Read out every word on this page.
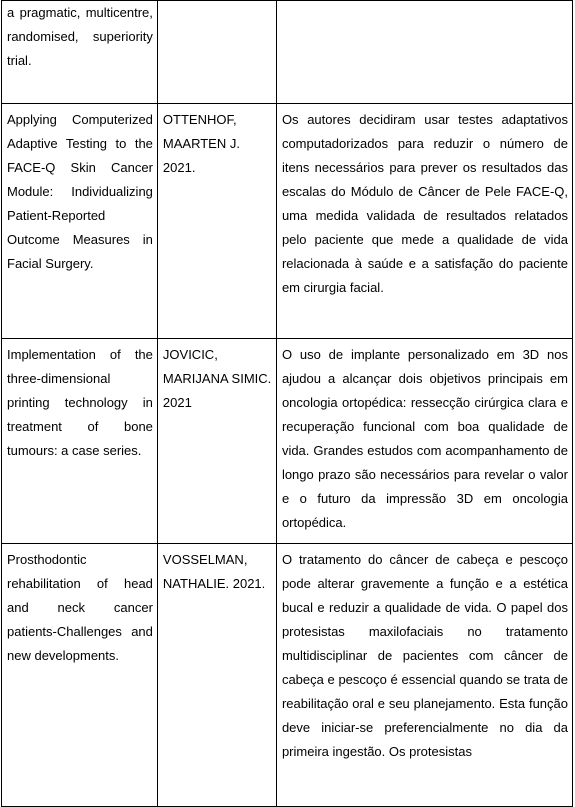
a pragmatic, multicentre, randomised, superiority trial.		

Applying Computerized Adaptive Testing to the FACE-Q Skin Cancer Module: Individualizing Patient-Reported Outcome Measures in Facial Surgery.	OTTENHOF, MAARTEN J. 2021.	Os autores decidiram usar testes adaptativos computadorizados para reduzir o número de itens necessários para prever os resultados das escalas do Módulo de Câncer de Pele FACE-Q, uma medida validada de resultados relatados pelo paciente que mede a qualidade de vida relacionada à saúde e a satisfação do paciente em cirurgia facial.

Implementation of the three-dimensional printing technology in treatment of bone tumours: a case series.	JOVICIC, MARIJANA SIMIC. 2021	O uso de implante personalizado em 3D nos ajudou a alcançar dois objetivos principais em oncologia ortopédica: ressecção cirúrgica clara e recuperação funcional com boa qualidade de vida. Grandes estudos com acompanhamento de longo prazo são necessários para revelar o valor e o futuro da impressão 3D em oncologia ortopédica.

Prosthodontic rehabilitation of head and neck cancer patients-Challenges and new developments.	VOSSELMAN, NATHALIE. 2021.	O tratamento do câncer de cabeça e pescoço pode alterar gravemente a função e a estética bucal e reduzir a qualidade de vida. O papel dos protesistas maxilofaciais no tratamento multidisciplinar de pacientes com câncer de cabeça e pescoço é essencial quando se trata de reabilitação oral e seu planejamento. Esta função deve iniciar-se preferencialmente no dia da primeira ingestão. Os protesistas
